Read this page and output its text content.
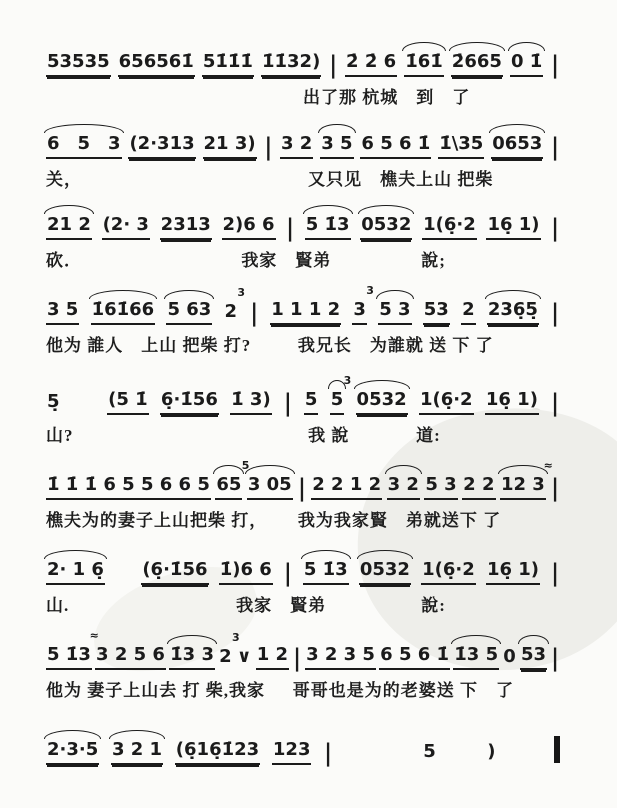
53535 656561̇ 51̇1̇1̇ 1̇1̇32) | 2̇ 2̇ 6 1̇61̇ 2̇665 0 1̇ |
出了那 杭城　到　了
6　5　3 (2·313 21 3) | 3 2 3 5 6 5 6 1̇ 1̇\35 0653 |
关，	又只见　樵夫上山 把柴
21 2 (2· 3 2313 2)6 6 | 5 1̇3 0532 1(6̣·2 16̣ 1) |
砍．	我家　賢弟	說;
3 5 1̇61̇66 5 63 2
3
| 1 1 1 2 3
3
5 3 53 2 236̣5̣ |
他为 誰人　上山 把柴 打?	我兄长　为誰就 送 下 了
5̣	(5 1̇ 6̣·1̇56 1̇ 3) | 5 5
3
0532 1(6̣·2 16̣ 1) |
山?	我 說	道:
1̇ 1̇ 1̇ 6 5 5 6 6 5 65
5
3 05 | 2 2 1 2 3 2 5 3 2 2 12 3
≈
|
樵夫为的妻子上山把柴 打， 我为我家賢　弟就送下 了
2· 1 6̣ (6̣·1̇56 1̇)6 6 | 5 1̇3 0532 1(6̣·2 16̣ 1) |
山.	我家　賢弟	說:
5 1̇3
≈
3 2 5 6 1̇3 3 2
3
∨ 1 2 | 3 2 3 5 6 5 6 1̇ 1̇3 5 0 53 |
他为 妻子上山去 打 柴,我家 哥哥也是为的老婆送 下　了
2·3·5 3 2 1 (6̣16̣1̇23 123 |	5	)
